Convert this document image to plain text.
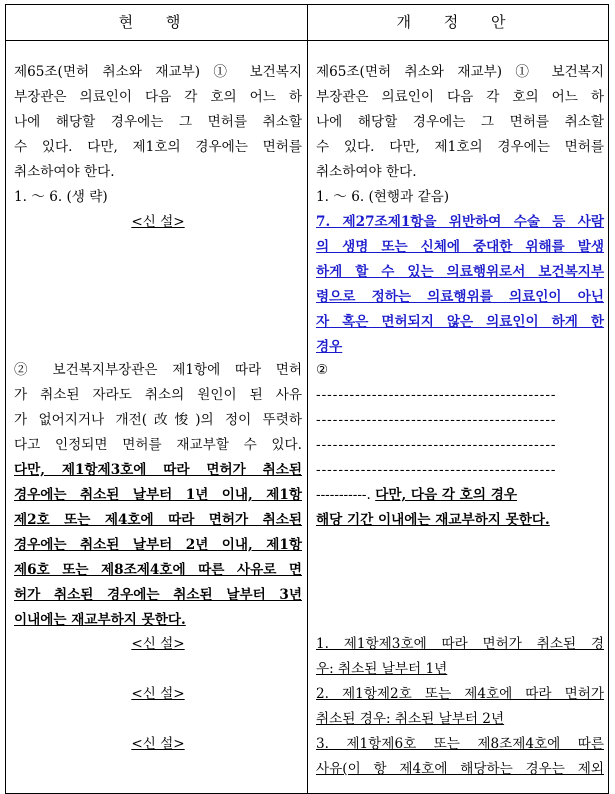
현 행	개 정 안
제65조(면허 취소와 재교부) ① 보건복지
부장관은 의료인이 다음 각 호의 어느 하
나에 해당할 경우에는 그 면허를 취소할
수 있다. 다만, 제1호의 경우에는 면허를
취소하여야 한다.
1. ～ 6. (생 략)
<신 설>
② 보건복지부장관은 제1항에 따라 면허
가 취소된 자라도 취소의 원인이 된 사유
가 없어지거나 개전(改悛)의 정이 뚜렷하
다고 인정되면 면허를 재교부할 수 있다.
다만, 제1항제3호에 따라 면허가 취소된
경우에는 취소된 날부터 1년 이내, 제1항
제2호 또는 제4호에 따라 면허가 취소된
경우에는 취소된 날부터 2년 이내, 제1항
제6호 또는 제8조제4호에 따른 사유로 면
허가 취소된 경우에는 취소된 날부터 3년
이내에는 재교부하지 못한다.
<신 설>
<신 설>
<신 설>
제65조(면허 취소와 재교부) ① 보건복지
부장관은 의료인이 다음 각 호의 어느 하
나에 해당할 경우에는 그 면허를 취소할
수 있다. 다만, 제1호의 경우에는 면허를
취소하여야 한다.
1. ～ 6. (현행과 같음)
7. 제27조제1항을 위반하여 수술 등 사람
의 생명 또는 신체에 중대한 위해를 발생
하게 할 수 있는 의료행위로서 보건복지부
령으로 정하는 의료행위를 의료인이 아닌
자 혹은 면허되지 않은 의료인이 하게 한
경우
②
-------------------------------------------
-------------------------------------------
-------------------------------------------
-------------------------------------------
-----------. 다만, 다음 각 호의 경우
해당 기간 이내에는 재교부하지 못한다.
1. 제1항제3호에 따라 면허가 취소된 경
우: 취소된 날부터 1년
2. 제1항제2호 또는 제4호에 따라 면허가
취소된 경우: 취소된 날부터 2년
3. 제1항제6호 또는 제8조제4호에 따른
사유(이 항 제4호에 해당하는 경우는 제외
